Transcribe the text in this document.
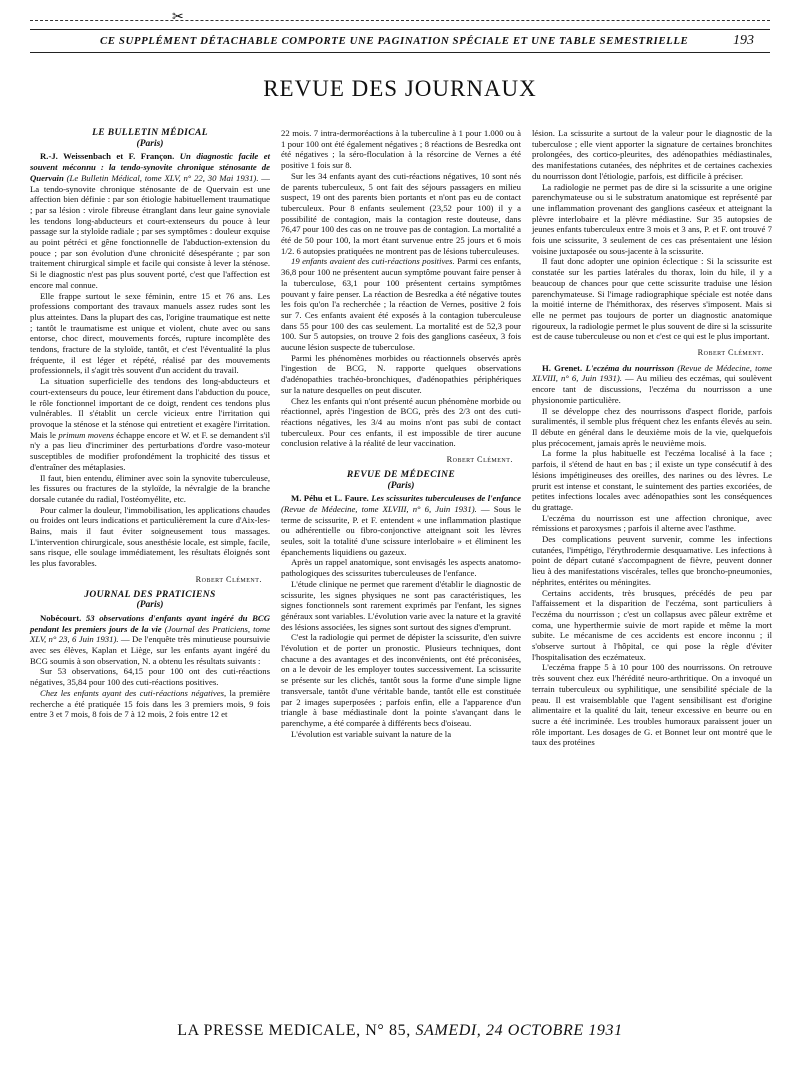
✂
CE SUPPLÉMENT DÉTACHABLE COMPORTE UNE PAGINATION SPÉCIALE ET UNE TABLE SEMESTRIELLE	193
REVUE DES JOURNAUX

LE BULLETIN MÉDICAL

(Paris)

R.-J. Weissenbach et F. Françon. Un diagnostic facile et souvent méconnu : la tendo-synovite chronique sténosante de Quervain (Le Bulletin Médical, tome XLV, n° 22, 30 Mai 1931). — La tendo-synovite chronique sténosante de de Quervain est une affection bien définie : par son étiologie habituellement traumatique ; par sa lésion : virole fibreuse étranglant dans leur gaine synoviale les tendons long-abducteurs et court-extenseurs du pouce à leur passage sur la styloïde radiale ; par ses symptômes : douleur exquise au point pétréci et gêne fonctionnelle de l'abduction-extension du pouce ; par son évolution d'une chronicité désespérante ; par son traitement chirurgical simple et facile qui consiste à lever la sténose. Si le diagnostic n'est pas plus souvent porté, c'est que l'affection est encore mal connue.

Elle frappe surtout le sexe féminin, entre 15 et 76 ans. Les professions comportant des travaux manuels assez rudes sont les plus atteintes. Dans la plupart des cas, l'origine traumatique est nette ; tantôt le traumatisme est unique et violent, chute avec ou sans entorse, choc direct, mouvements forcés, rupture incomplète des tendons, fracture de la styloïde, tantôt, et c'est l'éventualité la plus fréquente, il est léger et répété, réalisé par des mouvements professionnels, il s'agit très souvent d'un accident du travail.

La situation superficielle des tendons des long-abducteurs et court-extenseurs du pouce, leur étirement dans l'abduction du pouce, le rôle fonctionnel important de ce doigt, rendent ces tendons plus vulnérables. Il s'établit un cercle vicieux entre l'irritation qui provoque la sténose et la sténose qui entretient et exagère l'irritation. Mais le primum movens échappe encore et W. et F. se demandent s'il n'y a pas lieu d'incriminer des perturbations d'ordre vaso-moteur susceptibles de modifier profondément la trophicité des tissus et d'entraîner des métaplasies.

Il faut, bien entendu, éliminer avec soin la synovite tuberculeuse, les fissures ou fractures de la styloïde, la névralgie de la branche dorsale cutanée du radial, l'ostéomyélite, etc.

Pour calmer la douleur, l'immobilisation, les applications chaudes ou froides ont leurs indications et particulièrement la cure d'Aix-les-Bains, mais il faut éviter soigneusement tous massages. L'intervention chirurgicale, sous anesthésie locale, est simple, facile, sans risque, elle soulage immédiatement, les résultats éloignés sont les plus favorables.

Robert Clément.

JOURNAL DES PRATICIENS

(Paris)

Nobécourt. 53 observations d'enfants ayant ingéré du BCG pendant les premiers jours de la vie (Journal des Praticiens, tome XLV, n° 23, 6 Juin 1931). — De l'enquête très minutieuse poursuivie avec ses élèves, Kaplan et Liège, sur les enfants ayant ingéré du BCG soumis à son observation, N. a obtenu les résultats suivants :

Sur 53 observations, 64,15 pour 100 ont des cuti-réactions négatives, 35,84 pour 100 des cuti-réactions positives.

Chez les enfants ayant des cuti-réactions négatives, la première recherche a été pratiquée 15 fois dans les 3 premiers mois, 9 fois entre 3 et 7 mois, 8 fois de 7 à 12 mois, 2 fois entre 12 et

22 mois. 7 intra-dermoréactions à la tuberculine à 1 pour 1.000 ou à 1 pour 100 ont été également négatives ; 8 réactions de Besredka ont été négatives ; la séro-floculation à la résorcine de Vernes a été positive 1 fois sur 8.

Sur les 34 enfants ayant des cuti-réactions négatives, 10 sont nés de parents tuberculeux, 5 ont fait des séjours passagers en milieu suspect, 19 ont des parents bien portants et n'ont pas eu de contact tuberculeux. Pour 8 enfants seulement (23,52 pour 100) il y a possibilité de contagion, mais la contagion reste douteuse, dans 76,47 pour 100 des cas on ne trouve pas de contagion. La mortalité a été de 50 pour 100, la mort étant survenue entre 25 jours et 6 mois 1/2. 6 autopsies pratiquées ne montrent pas de lésions tuberculeuses.

19 enfants avaient des cuti-réactions positives. Parmi ces enfants, 36,8 pour 100 ne présentent aucun symptôme pouvant faire penser à la tuberculose, 63,1 pour 100 présentent certains symptômes pouvant y faire penser. La réaction de Besredka a été négative toutes les fois qu'on l'a recherchée ; la réaction de Vernes, positive 2 fois sur 7. Ces enfants avaient été exposés à la contagion tuberculeuse dans 55 pour 100 des cas seulement. La mortalité est de 52,3 pour 100. Sur 5 autopsies, on trouve 2 fois des ganglions caséeux, 3 fois aucune lésion suspecte de tuberculose.

Parmi les phénomènes morbides ou réactionnels observés après l'ingestion de BCG, N. rapporte quelques observations d'adénopathies trachéo-bronchiques, d'adénopathies périphériques sur la nature desquelles on peut discuter.

Chez les enfants qui n'ont présenté aucun phénomène morbide ou réactionnel, après l'ingestion de BCG, près des 2/3 ont des cuti-réactions négatives, les 3/4 au moins n'ont pas subi de contact tuberculeux. Pour ces enfants, il est impossible de tirer aucune conclusion relative à la réalité de leur vaccination.

Robert Clément.

REVUE DE MÉDECINE

(Paris)

M. Péhu et L. Faure. Les scissurites tuberculeuses de l'enfance (Revue de Médecine, tome XLVIII, n° 6, Juin 1931). — Sous le terme de scissurite, P. et F. entendent « une inflammation plastique ou adhérentielle ou fibro-conjonctive atteignant soit les lèvres seules, soit la totalité d'une scissure interlobaire » et éliminent les épanchements liquidiens ou gazeux.

Après un rappel anatomique, sont envisagés les aspects anatomo-pathologiques des scissurites tuberculeuses de l'enfance.

L'étude clinique ne permet que rarement d'établir le diagnostic de scissurite, les signes physiques ne sont pas caractéristiques, les signes fonctionnels sont rarement exprimés par l'enfant, les signes généraux sont variables. L'évolution varie avec la nature et la gravité des lésions associées, les signes sont surtout des signes d'emprunt.

C'est la radiologie qui permet de dépister la scissurite, d'en suivre l'évolution et de porter un pronostic. Plusieurs techniques, dont chacune a des avantages et des inconvénients, ont été préconisées, on a le devoir de les employer toutes successivement. La scissurite se présente sur les clichés, tantôt sous la forme d'une simple ligne transversale, tantôt d'une véritable bande, tantôt elle est constituée par 2 images superposées ; parfois enfin, elle a l'apparence d'un triangle à base médiastinale dont la pointe s'avançant dans le parenchyme, a été comparée à différents becs d'oiseau.

L'évolution est variable suivant la nature de la

lésion. La scissurite a surtout de la valeur pour le diagnostic de la tuberculose ; elle vient apporter la signature de certaines bronchites prolongées, des cortico-pleurites, des adénopathies médiastinales, des manifestations cutanées, des néphrites et de certaines cachexies du nourrisson dont l'étiologie, parfois, est difficile à préciser.

La radiologie ne permet pas de dire si la scissurite a une origine parenchymateuse ou si le substratum anatomique est représenté par une inflammation provenant des ganglions caséeux et atteignant la plèvre interlobaire et la plèvre médiastine. Sur 35 autopsies de jeunes enfants tuberculeux entre 3 mois et 3 ans, P. et F. ont trouvé 7 fois une scissurite, 3 seulement de ces cas présentaient une lésion voisine juxtaposée ou sous-jacente à la scissurite.

Il faut donc adopter une opinion éclectique : Si la scissurite est constatée sur les parties latérales du thorax, loin du hile, il y a beaucoup de chances pour que cette scissurite traduise une lésion parenchymateuse. Si l'image radiographique spéciale est notée dans la moitié interne de l'hémithorax, des réserves s'imposent. Mais si elle ne permet pas toujours de porter un diagnostic anatomique rigoureux, la radiologie permet le plus souvent de dire si la scissurite est de cause tuberculeuse ou non et c'est ce qui est le plus important.

Robert Clément.

H. Grenet. L'eczéma du nourrisson (Revue de Médecine, tome XLVIII, n° 6, Juin 1931). — Au milieu des eczémas, qui soulèvent encore tant de discussions, l'eczéma du nourrisson a une physionomie particulière.

Il se développe chez des nourrissons d'aspect floride, parfois suralimentés, il semble plus fréquent chez les enfants élevés au sein. Il débute en général dans le deuxième mois de la vie, quelquefois plus précocement, jamais après le neuvième mois.

La forme la plus habituelle est l'eczéma localisé à la face ; parfois, il s'étend de haut en bas ; il existe un type consécutif à des lésions impétigineuses des oreilles, des narines ou des lèvres. Le prurit est intense et constant, le suintement des parties excoriées, de petites infections locales avec adénopathies sont les conséquences du grattage.

L'eczéma du nourrisson est une affection chronique, avec rémissions et paroxysmes ; parfois il alterne avec l'asthme.

Des complications peuvent survenir, comme les infections cutanées, l'impétigo, l'érythrodermie desquamative. Les infections à point de départ cutané s'accompagnent de fièvre, peuvent donner lieu à des manifestations viscérales, telles que broncho-pneumonies, néphrites, entérites ou méningites.

Certains accidents, très brusques, précédés de peu par l'affaissement et la disparition de l'eczéma, sont particuliers à l'eczéma du nourrisson ; c'est un collapsus avec pâleur extrême et coma, une hyperthermie suivie de mort rapide et même la mort subite. Le mécanisme de ces accidents est encore inconnu ; il s'observe surtout à l'hôpital, ce qui pose la règle d'éviter l'hospitalisation des eczémateux.

L'eczéma frappe 5 à 10 pour 100 des nourrissons. On retrouve très souvent chez eux l'hérédité neuro-arthritique. On a invoqué un terrain tuberculeux ou syphilitique, une sensibilité spéciale de la peau. Il est vraisemblable que l'agent sensibilisant est d'origine alimentaire et la qualité du lait, teneur excessive en beurre ou en sucre a été incriminée. Les troubles humoraux paraissent jouer un rôle important. Les dosages de G. et Bonnet leur ont montré que le taux des protéines

LA PRESSE MEDICALE, N° 85, SAMEDI, 24 OCTOBRE 1931
